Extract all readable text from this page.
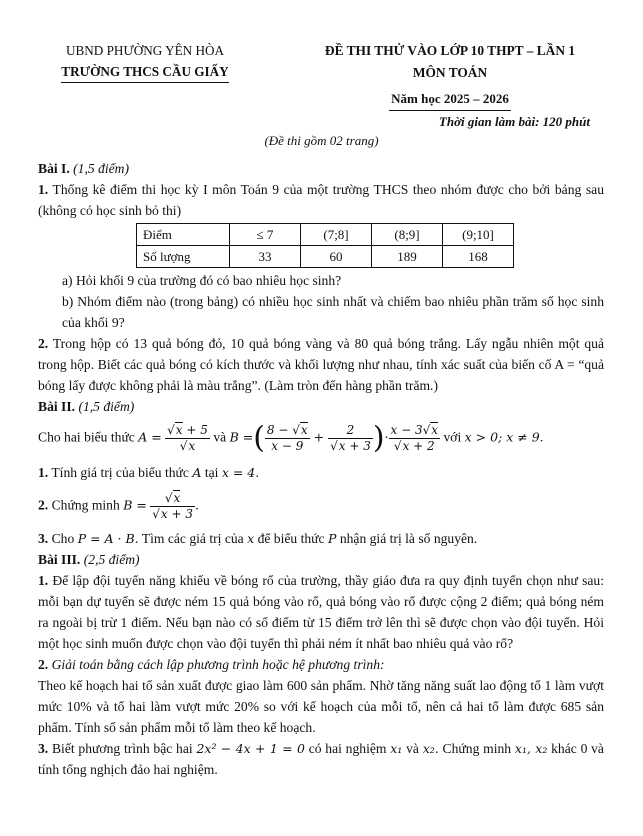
UBND PHƯỜNG YÊN HÒA
TRƯỜNG THCS CẦU GIẤY
ĐỀ THI THỬ VÀO LỚP 10 THPT – LẦN 1
MÔN TOÁN
Năm học 2025 – 2026
Thời gian làm bài: 120 phút
(Đề thi gồm 02 trang)

Bài I. (1,5 điểm)

1. Thống kê điểm thi học kỳ I môn Toán 9 của một trường THCS theo nhóm được cho bởi bảng sau (không có học sinh bỏ thi)

Điểm	≤ 7	(7;8]	(8;9]	(9;10]
Số lượng	33	60	189	168

a) Hỏi khối 9 của trường đó có bao nhiêu học sinh?

b) Nhóm điểm nào (trong bảng) có nhiều học sinh nhất và chiếm bao nhiêu phần trăm số học sinh của khối 9?

2. Trong hộp có 13 quả bóng đỏ, 10 quả bóng vàng và 80 quả bóng trắng. Lấy ngẫu nhiên một quả trong hộp. Biết các quả bóng có kích thước và khối lượng như nhau, tính xác suất của biến cố A = “quả bóng lấy được không phải là màu trắng”. (Làm tròn đến hàng phần trăm.)

Bài II. (1,5 điểm)

Cho hai biểu thức $A = \frac{√x + 5}{√x}$ và B =( $\frac{8 - √x}{x - 9} + \frac{2}{√x + 3}$ )· $\frac{x - 3√x}{√x + 2}$ với x > 0; x ≠ 9.

1. Tính giá trị của biểu thức A tại x = 4.

2. Chứng minh $B = \frac{√x}{√x + 3}$ .

3. Cho P = A · B. Tìm các giá trị của x để biểu thức P nhận giá trị là số nguyên.

Bài III. (2,5 điểm)

1. Để lập đội tuyển năng khiếu về bóng rổ của trường, thầy giáo đưa ra quy định tuyển chọn như sau: mỗi bạn dự tuyển sẽ được ném 15 quả bóng vào rổ, quả bóng vào rổ được cộng 2 điểm; quả bóng ném ra ngoài bị trừ 1 điểm. Nếu bạn nào có số điểm từ 15 điểm trở lên thì sẽ được chọn vào đội tuyển. Hỏi một học sinh muốn được chọn vào đội tuyển thì phải ném ít nhất bao nhiêu quả vào rổ?

2. Giải toán bằng cách lập phương trình hoặc hệ phương trình:

Theo kế hoạch hai tổ sản xuất được giao làm 600 sản phẩm. Nhờ tăng năng suất lao động tổ 1 làm vượt mức 10% và tổ hai làm vượt mức 20% so với kế hoạch của mỗi tổ, nên cả hai tổ làm được 685 sản phẩm. Tính số sản phẩm mỗi tổ làm theo kế hoạch.

3. Biết phương trình bậc hai 2x² − 4x + 1 = 0 có hai nghiệm x₁ và x₂. Chứng minh x₁, x₂ khác 0 và tính tổng nghịch đảo hai nghiệm.
